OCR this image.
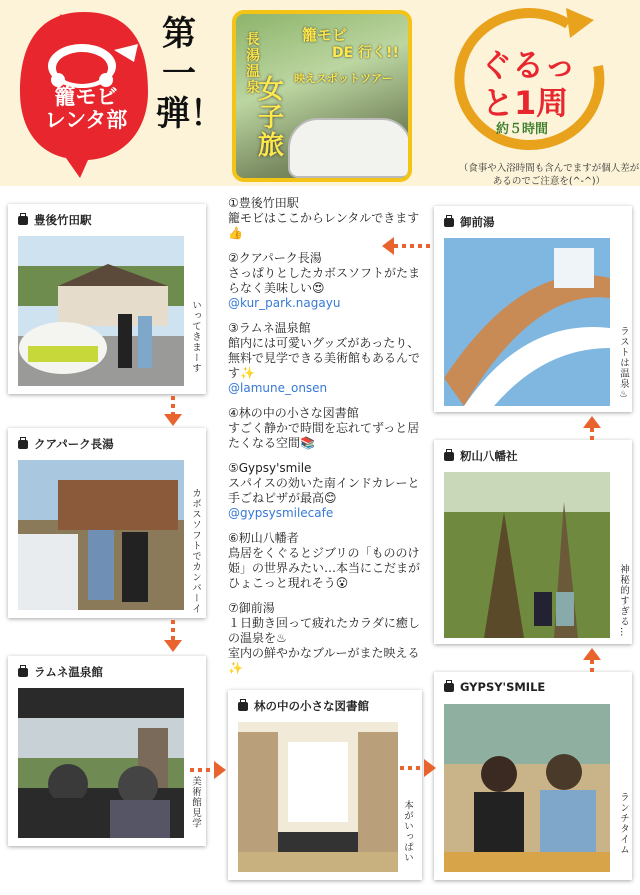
レンタカー
籠モビ
レンタ部
第一弾！
長湯温泉
籠モビ
DE 行く!!
映えスポットツアー
女子旅
ぐるっ
と1周
約５時間
（食事や入浴時間も含んでますが個人差があるのでご注意を(^-^)）
①豊後竹田駅
籠モビはここからレンタルできます👍
②クアパーク長湯
さっぱりとしたカボスソフトがたまらなく美味しい😍
@kur_park.nagayu
③ラムネ温泉館
館内には可愛いグッズがあったり、無料で見学できる美術館もあるんです✨
@lamune_onsen
④林の中の小さな図書館
すごく静かで時間を忘れてずっと居たくなる空間📚
⑤Gypsy'smile
スパイスの効いた南インドカレーと手ごねピザが最高😊
@gypsysmilecafe
⑥籾山八幡者
鳥居をくぐるとジブリの「もののけ姫」の世界みたい…本当にこだまがひょこっと現れそう😮
⑦御前湯
１日動き回って疲れたカラダに癒しの温泉を♨
室内の鮮やかなブルーがまた映える✨
豊後竹田駅
いってきまーす
クアパーク長湯
カボスソフトでカンパーイ
ラムネ温泉館
美術館見学
林の中の小さな図書館
本がいっぱい
GYPSY'SMILE
ランチタイム
籾山八幡社
神秘的すぎる…
御前湯
ラストは温泉♨
